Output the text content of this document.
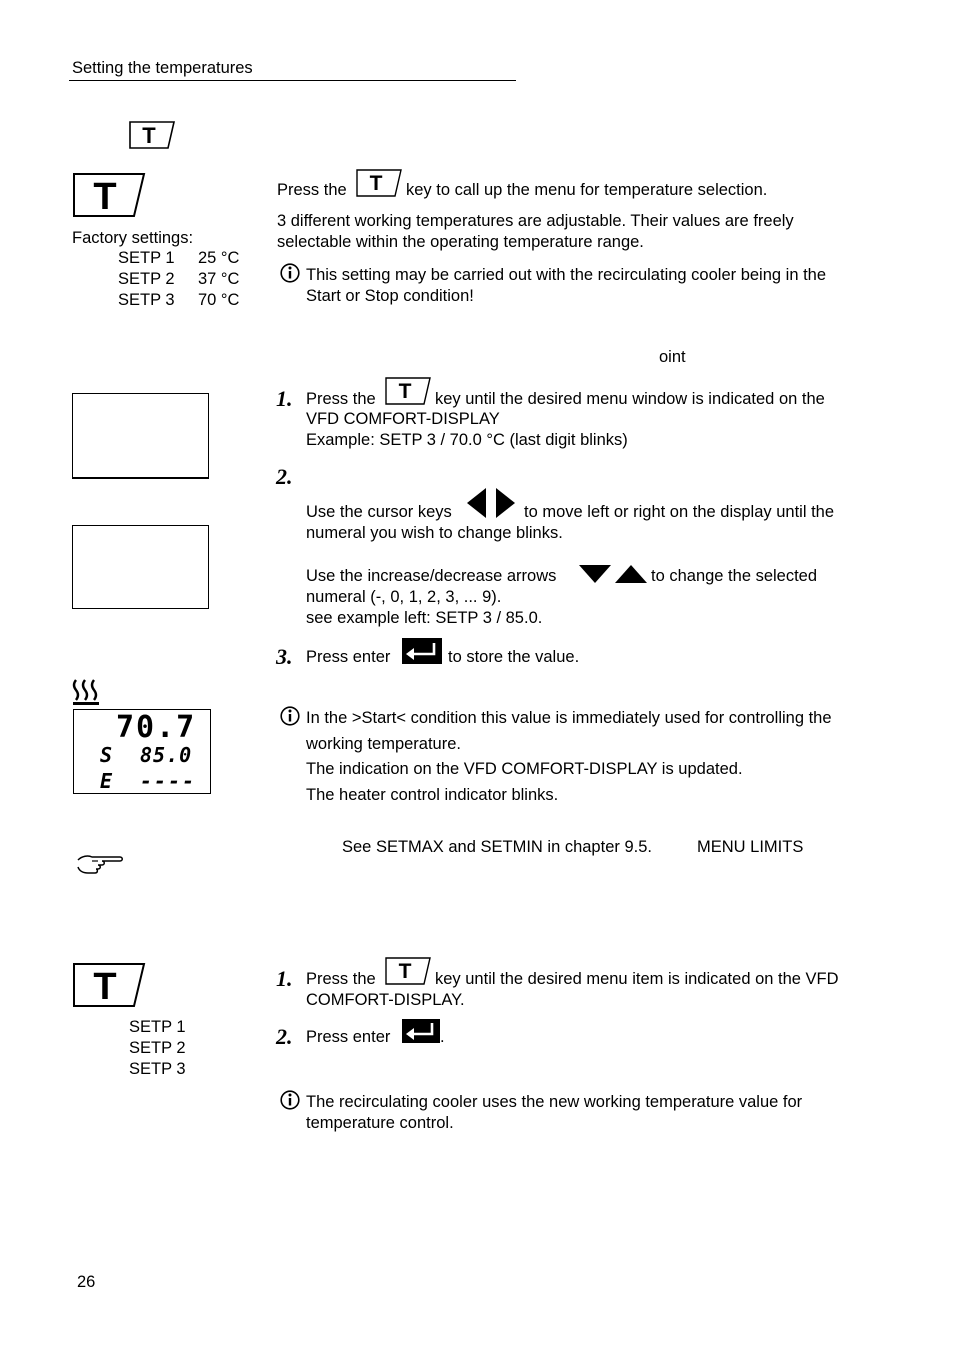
Setting the temperatures
T
T
Factory settings:
SETP 1 25 °C
SETP 2 37 °C
SETP 3 70 °C
Press the T key to call up the menu for temperature selection.
3 different working temperatures are adjustable. Their values are freely
selectable within the operating temperature range.
This setting may be carried out with the recirculating cooler being in the
Start or Stop condition!
oint
1. Press the T key until the desired menu window is indicated on the
VFD COMFORT-DISPLAY
Example: SETP 3 / 70.0 °C (last digit blinks)
2.
Use the cursor keys	to move left or right on the display until the
numeral you wish to change blinks.
Use the increase/decrease arrows	to change the selected
numeral (-, 0, 1, 2, 3, ... 9).
see example left: SETP 3 / 85.0.
3. Press enter	to store the value.
70.7
S 85.0
E ----
In the >Start< condition this value is immediately used for controlling the
working temperature.
The indication on the VFD COMFORT-DISPLAY is updated.
The heater control indicator blinks.
See SETMAX and SETMIN in chapter 9.5.	MENU LIMITS
T
SETP 1
SETP 2
SETP 3
1. Press the T key until the desired menu item is indicated on the VFD
COMFORT-DISPLAY.
2. Press enter	.
The recirculating cooler uses the new working temperature value for
temperature control.
26
